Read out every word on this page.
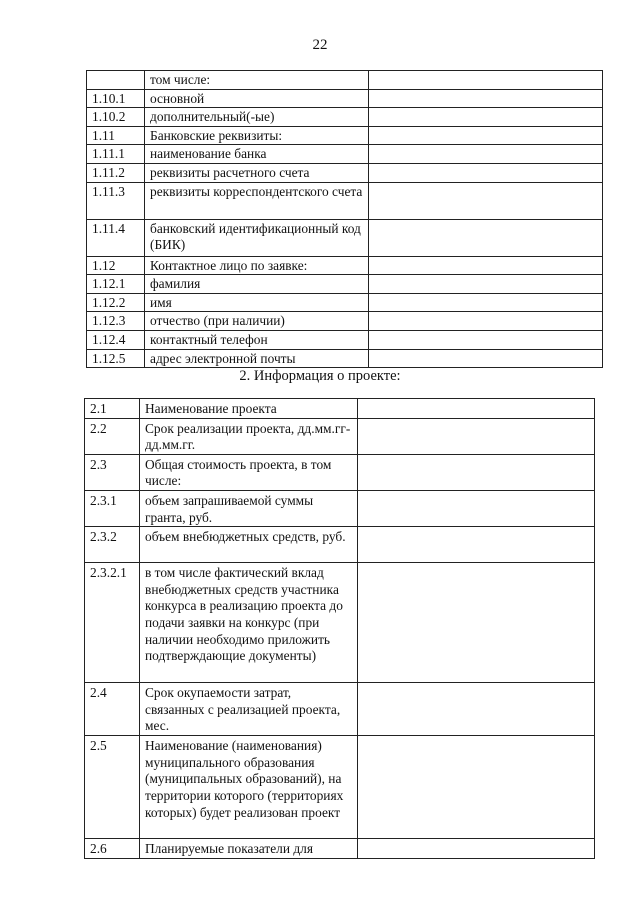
22
	том числе:	
1.10.1	основной	
1.10.2	дополнительный(-ые)	
1.11	Банковские реквизиты:	
1.11.1	наименование банка	
1.11.2	реквизиты расчетного счета	
1.11.3	реквизиты корреспондентского счета	
1.11.4	банковский идентификационный код (БИК)	
1.12	Контактное лицо по заявке:	
1.12.1	фамилия	
1.12.2	имя	
1.12.3	отчество (при наличии)	
1.12.4	контактный телефон	
1.12.5	адрес электронной почты	
2. Информация о проекте:
2.1	Наименование проекта	
2.2	Срок реализации проекта, дд.мм.гг-дд.мм.гг.	
2.3	Общая стоимость проекта, в том числе:	
2.3.1	объем запрашиваемой суммы гранта, руб.	
2.3.2	объем внебюджетных средств, руб.	
2.3.2.1	в том числе фактический вклад внебюджетных средств участника конкурса в реализацию проекта до подачи заявки на конкурс (при наличии необходимо приложить подтверждающие документы)	
2.4	Срок окупаемости затрат, связанных с реализацией проекта, мес.	
2.5	Наименование (наименования) муниципального образования (муниципальных образований), на территории которого (территориях которых) будет реализован проект	
2.6	Планируемые показатели для	
